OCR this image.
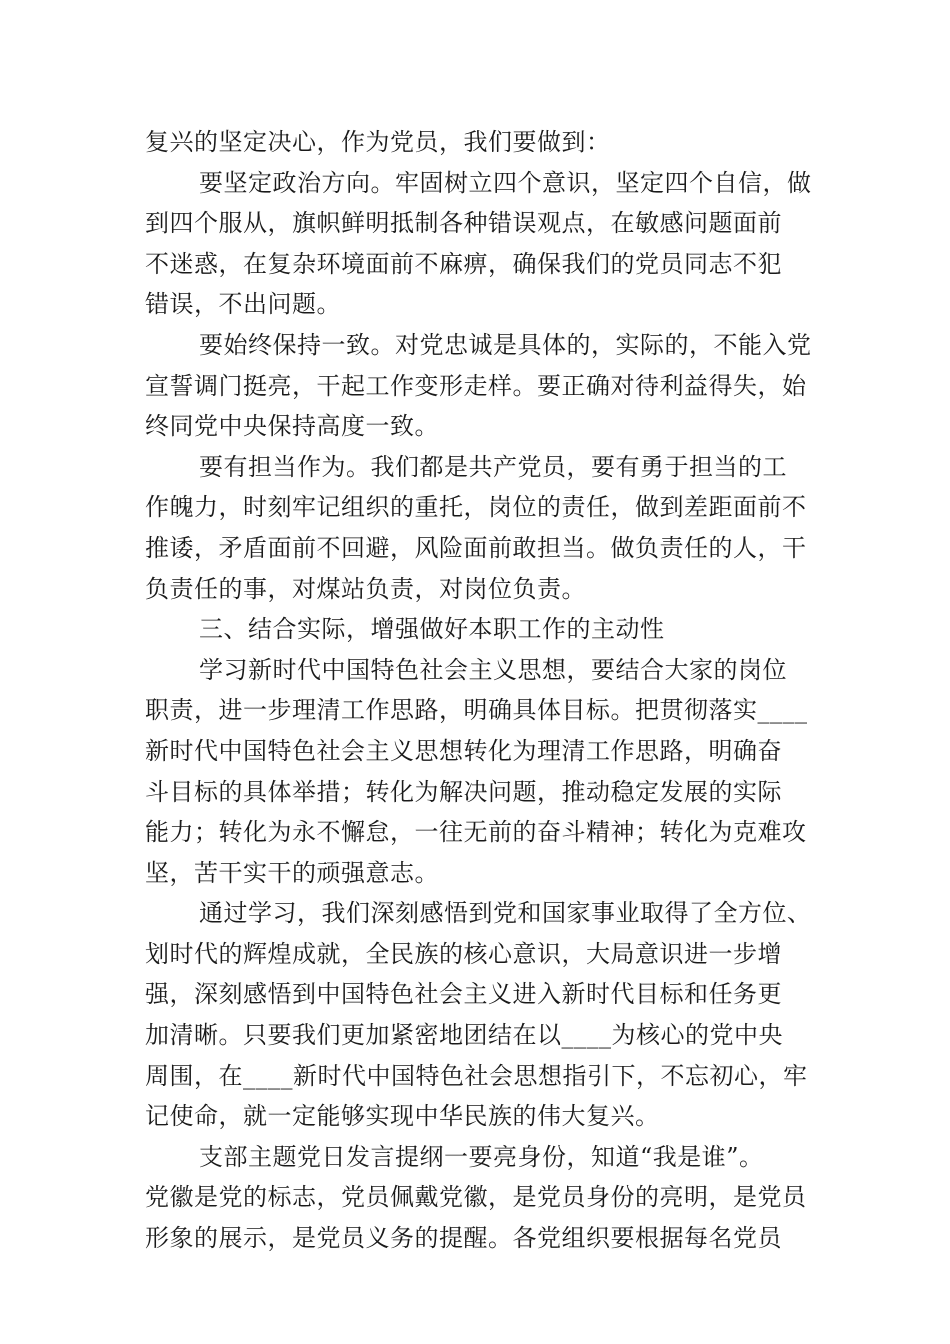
复兴的坚定决心，作为党员，我们要做到：
要坚定政治方向。牢固树立四个意识，坚定四个自信，做
到四个服从，旗帜鲜明抵制各种错误观点，在敏感问题面前
不迷惑，在复杂环境面前不麻痹，确保我们的党员同志不犯
错误，不出问题。
要始终保持一致。对党忠诚是具体的，实际的，不能入党
宣誓调门挺亮，干起工作变形走样。要正确对待利益得失，始
终同党中央保持高度一致。
要有担当作为。我们都是共产党员，要有勇于担当的工
作魄力，时刻牢记组织的重托，岗位的责任，做到差距面前不
推诿，矛盾面前不回避，风险面前敢担当。做负责任的人，干
负责任的事，对煤站负责，对岗位负责。
三、结合实际，增强做好本职工作的主动性
学习新时代中国特色社会主义思想，要结合大家的岗位
职责，进一步理清工作思路，明确具体目标。把贯彻落实____
新时代中国特色社会主义思想转化为理清工作思路，明确奋
斗目标的具体举措；转化为解决问题，推动稳定发展的实际
能力；转化为永不懈怠，一往无前的奋斗精神；转化为克难攻
坚，苦干实干的顽强意志。
通过学习，我们深刻感悟到党和国家事业取得了全方位、
划时代的辉煌成就，全民族的核心意识，大局意识进一步增
强，深刻感悟到中国特色社会主义进入新时代目标和任务更
加清晰。只要我们更加紧密地团结在以____为核心的党中央
周围，在____新时代中国特色社会思想指引下，不忘初心，牢
记使命，就一定能够实现中华民族的伟大复兴。
支部主题党日发言提纲一要亮身份，知道“我是谁”。
党徽是党的标志，党员佩戴党徽，是党员身份的亮明，是党员
形象的展示，是党员义务的提醒。各党组织要根据每名党员
